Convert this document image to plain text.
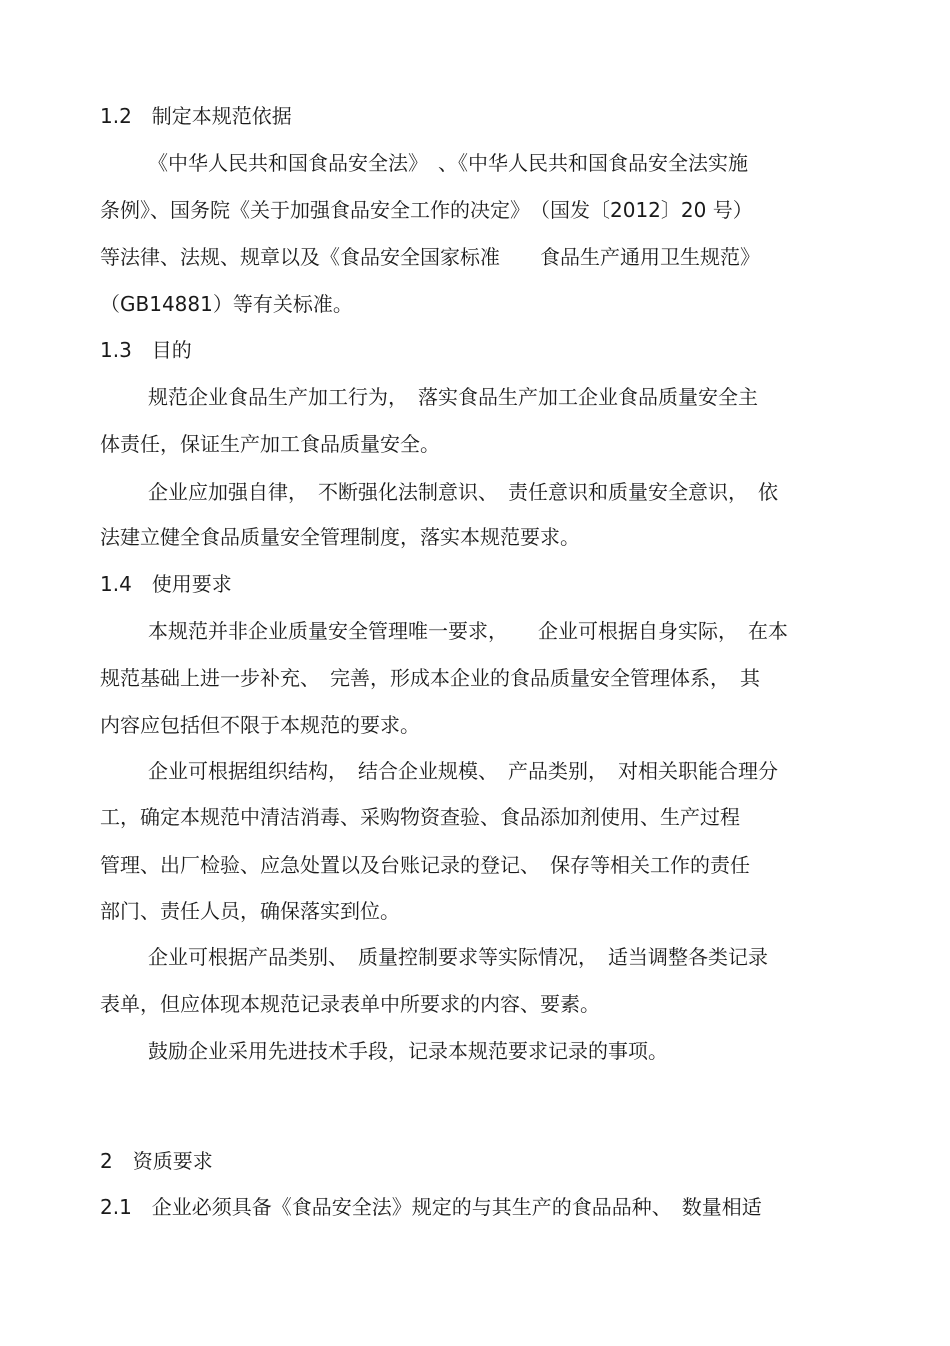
1.2　制定本规范依据
《中华人民共和国食品安全法》　、《中华人民共和国食品安全法实施
条例》、国务院《关于加强食品安全工作的决定》　（国发〔2012〕20 号）
等法律、法规、规章以及《食品安全国家标准　　食品生产通用卫生规范》
（GB14881）等有关标准。
1.3　目的
规范企业食品生产加工行为，　落实食品生产加工企业食品质量安全主
体责任，保证生产加工食品质量安全。
企业应加强自律，　不断强化法制意识、　责任意识和质量安全意识，　依
法建立健全食品质量安全管理制度，落实本规范要求。
1.4　使用要求
本规范并非企业质量安全管理唯一要求，　　企业可根据自身实际，　在本
规范基础上进一步补充、　完善，形成本企业的食品质量安全管理体系，　其
内容应包括但不限于本规范的要求。
企业可根据组织结构，　结合企业规模、　产品类别，　对相关职能合理分
工，确定本规范中清洁消毒、采购物资查验、食品添加剂使用、生产过程
管理、出厂检验、应急处置以及台账记录的登记、　保存等相关工作的责任
部门、责任人员，确保落实到位。
企业可根据产品类别、　质量控制要求等实际情况，　适当调整各类记录
表单，但应体现本规范记录表单中所要求的内容、要素。
鼓励企业采用先进技术手段，记录本规范要求记录的事项。
2　资质要求
2.1　企业必须具备《食品安全法》规定的与其生产的食品品种、　数量相适
